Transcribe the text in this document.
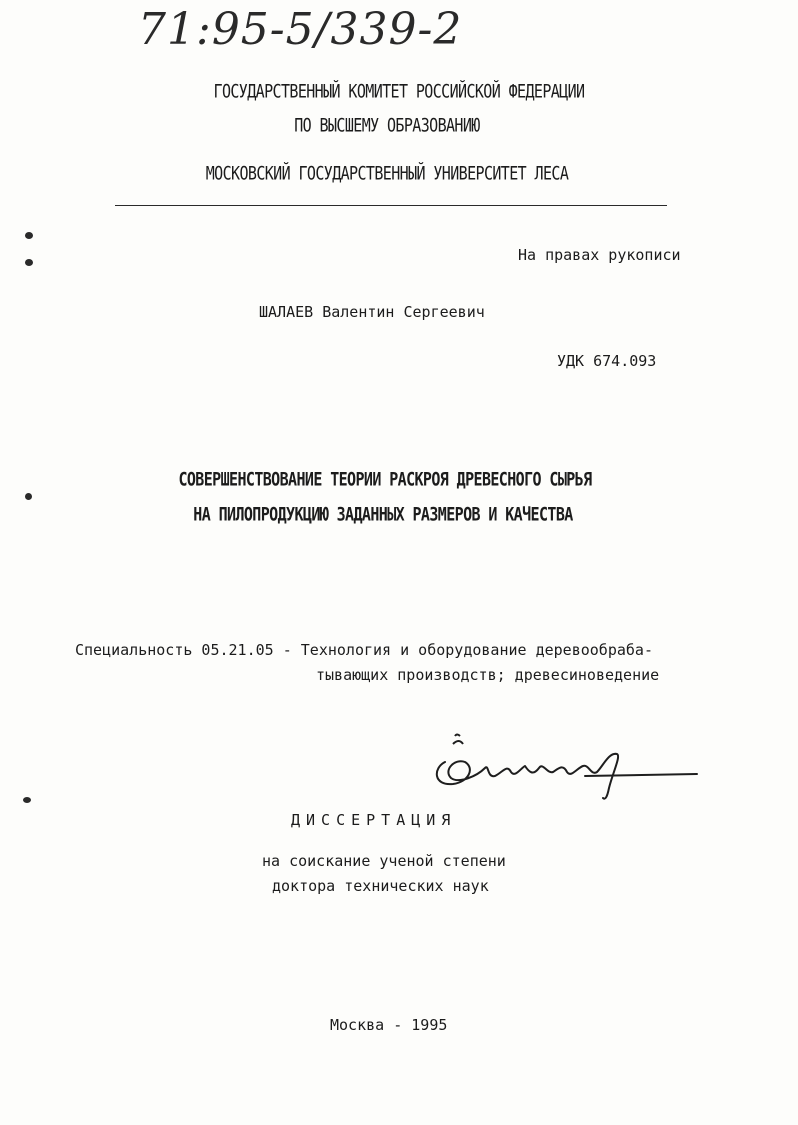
71:95-5/339-2
ГОСУДАРСТВЕННЫЙ КОМИТЕТ РОССИЙСКОЙ ФЕДЕРАЦИИ
ПО ВЫСШЕМУ ОБРАЗОВАНИЮ
МОСКОВСКИЙ ГОСУДАРСТВЕННЫЙ УНИВЕРСИТЕТ ЛЕСА
На правах рукописи
ШАЛАЕВ Валентин Сергеевич
УДК 674.093
СОВЕРШЕНСТВОВАНИЕ ТЕОРИИ РАСКРОЯ ДРЕВЕСНОГО СЫРЬЯ
НА ПИЛОПРОДУКЦИЮ ЗАДАННЫХ РАЗМЕРОВ И КАЧЕСТВА
Специальность 05.21.05 - Технология и оборудование деревообраба-
тывающих производств; древесиноведение
ДИССЕРТАЦИЯ
на соискание ученой степени
доктора технических наук
Москва - 1995
